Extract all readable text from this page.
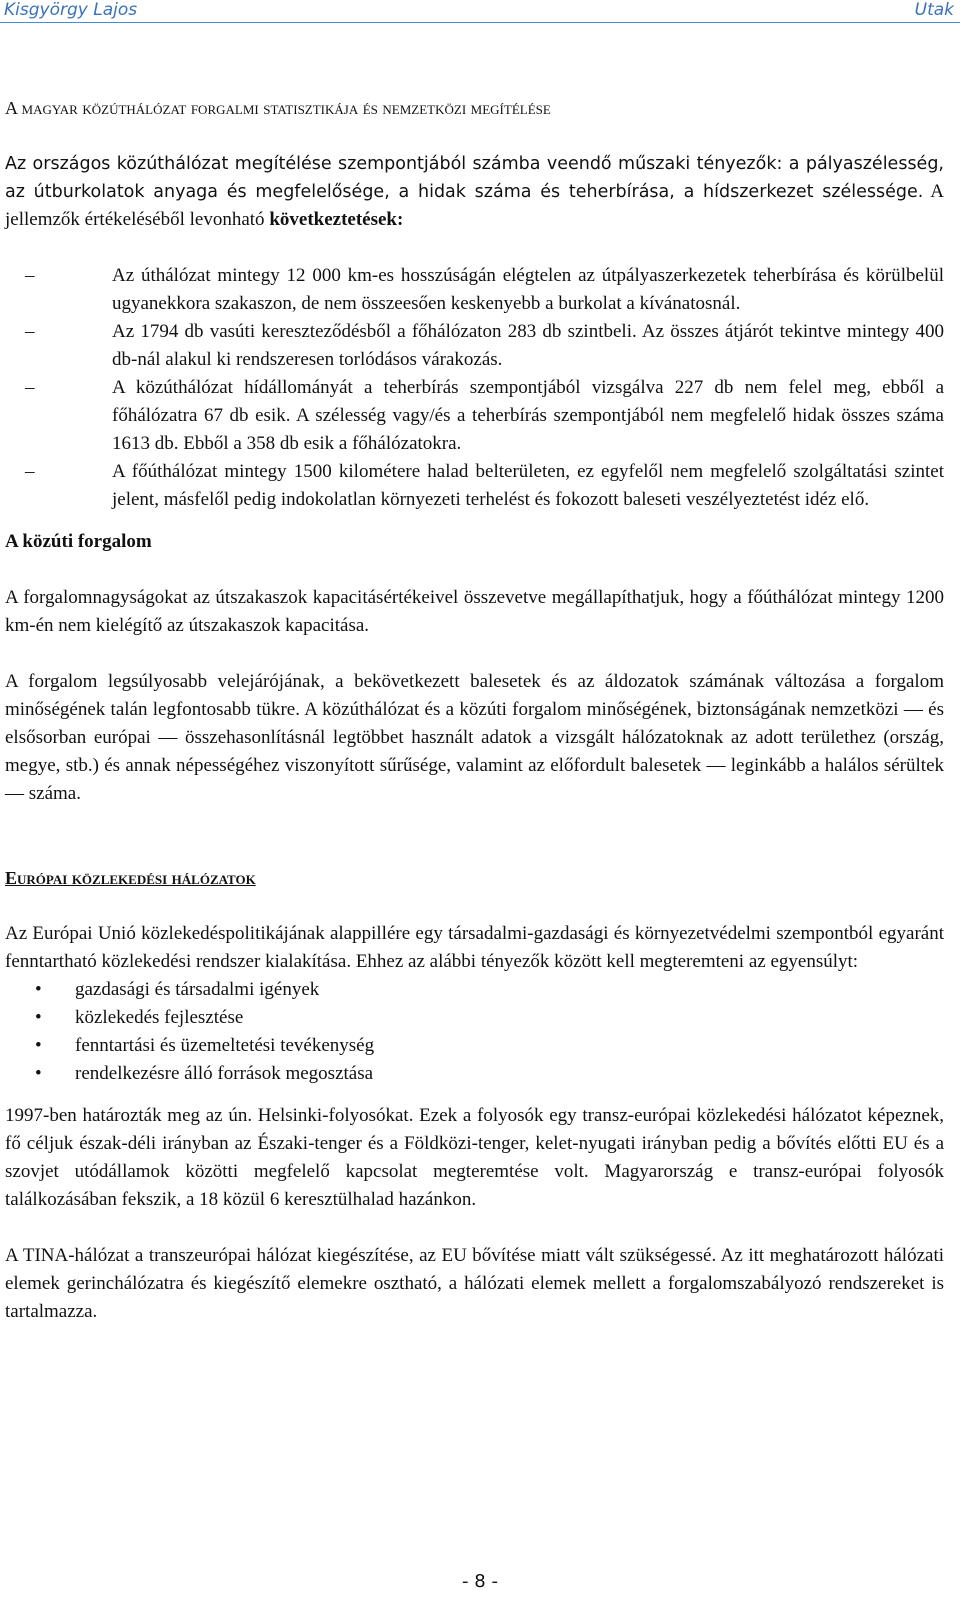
Kisgyörgy Lajos	Utak

A magyar közúthálózat forgalmi statisztikája és nemzetközi megítélése

Az országos közúthálózat megítélése szempontjából számba veendő műszaki tényezők: a pályaszélesség, az útburkolatok anyaga és megfelelősége, a hidak száma és teherbírása, a hídszerkezet szélessége. A jellemzők értékeléséből levonható következtetések:

–	Az úthálózat mintegy 12 000 km-es hosszúságán elégtelen az útpályaszerkezetek teherbírása és körülbelül ugyanekkora szakaszon, de nem összeesően keskenyebb a burkolat a kívánatosnál.
–	Az 1794 db vasúti kereszteződésből a főhálózaton 283 db szintbeli. Az összes átjárót tekintve mintegy 400 db-nál alakul ki rendszeresen torlódásos várakozás.
–	A közúthálózat hídállományát a teherbírás szempontjából vizsgálva 227 db nem felel meg, ebből a főhálózatra 67 db esik. A szélesség vagy/és a teherbírás szempontjából nem megfelelő hidak összes száma 1613 db. Ebből a 358 db esik a főhálózatokra.
–	A főúthálózat mintegy 1500 kilométere halad belterületen, ez egyfelől nem megfelelő szolgáltatási szintet jelent, másfelől pedig indokolatlan környezeti terhelést és fokozott baleseti veszélyeztetést idéz elő.

A közúti forgalom

A forgalomnagyságokat az útszakaszok kapacitásértékeivel összevetve megállapíthatjuk, hogy a főúthálózat mintegy 1200 km-én nem kielégítő az útszakaszok kapacitása.

A forgalom legsúlyosabb velejárójának, a bekövetkezett balesetek és az áldozatok számának változása a forgalom minőségének talán legfontosabb tükre. A közúthálózat és a közúti forgalom minőségének, biztonságának nemzetközi — és elsősorban európai — összehasonlításnál legtöbbet használt adatok a vizsgált hálózatoknak az adott területhez (ország, megye, stb.) és annak népességéhez viszonyított sűrűsége, valamint az előfordult balesetek — leginkább a halálos sérültek — száma.

Európai közlekedési hálózatok

Az Európai Unió közlekedéspolitikájának alappillére egy társadalmi-gazdasági és környezetvédelmi szempontból egyaránt fenntartható közlekedési rendszer kialakítása. Ehhez az alábbi tényezők között kell megteremteni az egyensúlyt:

• gazdasági és társadalmi igények
• közlekedés fejlesztése
• fenntartási és üzemeltetési tevékenység
• rendelkezésre álló források megosztása

1997-ben határozták meg az ún. Helsinki-folyosókat. Ezek a folyosók egy transz-európai közlekedési hálózatot képeznek, fő céljuk észak-déli irányban az Északi-tenger és a Földközi-tenger, kelet-nyugati irányban pedig a bővítés előtti EU és a szovjet utódállamok közötti megfelelő kapcsolat megteremtése volt. Magyarország e transz-európai folyosók találkozásában fekszik, a 18 közül 6 keresztülhalad hazánkon.

A TINA-hálózat a transzeurópai hálózat kiegészítése, az EU bővítése miatt vált szükségessé. Az itt meghatározott hálózati elemek gerinchálózatra és kiegészítő elemekre osztható, a hálózati elemek mellett a forgalomszabályozó rendszereket is tartalmazza.

- 8 -
